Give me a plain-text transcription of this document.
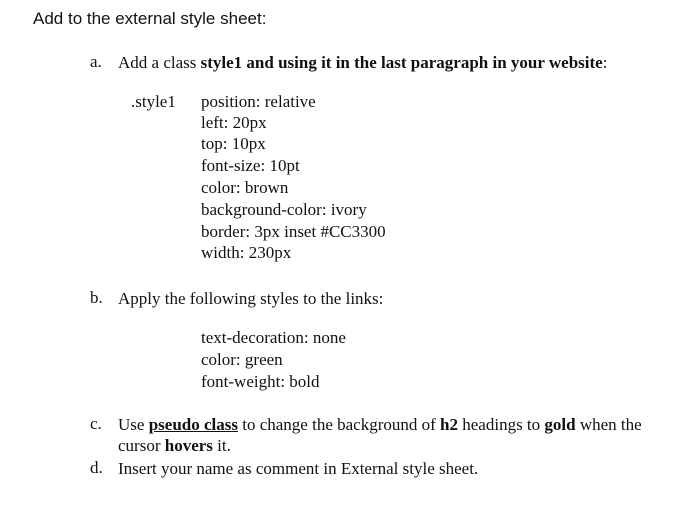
Add to the external style sheet:

a. Add a class style1 and using it in the last paragraph in your website:
.style1 position: relative
left: 20px
top: 10px
font-size: 10pt
color: brown
background-color: ivory
border: 3px inset #CC3300
width: 230px
b. Apply the following styles to the links:
text-decoration: none
color: green
font-weight: bold
c. Use pseudo class to change the background of h2 headings to gold when the
cursor hovers it.
d. Insert your name as comment in External style sheet.
